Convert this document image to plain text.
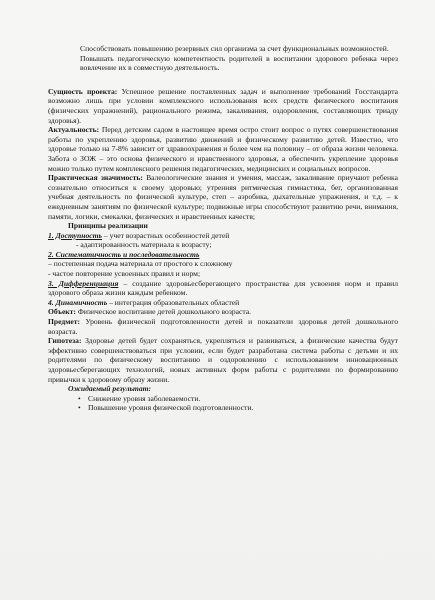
Способствовать повышению резервных сил организма за счет функциональных возможностей.

Повышать педагогическую компетентность родителей в воспитании здорового ребенка через вовлечение их в совместную деятельность.

Сущность проекта: Успешное решение поставленных задач и выполнение требований Госстандарта возможно лишь при условии комплексного использования всех средств физического воспитания (физических упражнений), рационального режима, закаливания, оздоровления, составляющих триаду здоровья).

Актуальность: Перед детским садом в настоящее время остро стоит вопрос о путях совершенствования работы по укреплению здоровья, развитию движений и физическому развитию детей. Известно, что здоровье только на 7-8% зависит от здравоохранения и более чем на половину – от образа жизни человека. Забота о ЗОЖ – это основа физического и нравственного здоровья, а обеспечить укрепление здоровья можно только путем комплексного решения педагогических, медицинских и социальных вопросов.

Практическая значимость: Валеологические знания и умения, массаж, закаливание приучают ребенка сознательно относиться к своему здоровью; утренняя ритмическая гимнастика, бег, организованная учебная деятельность по физической культуре, степ – аэробика, дыхательные упражнения, и т.д. – к ежедневным занятиям по физической культуре; подвижные игры способствуют развитию речи, внимания, памяти, логики, смекалки, физических и нравственных качеств;

Принципы реализации

1. Доступность – учет возрастных особенностей детей

- адаптированность материала к возрасту;

2. Систематичность и последовательность

– постепенная подача материала от простого к сложному

- частое повторение усвоенных правил и норм;

3. Дифференциация – создание здоровьесберегающего пространства для усвоения норм и правил здорового образа жизни каждым ребенком.

4. Динамичность – интеграция образовательных областей

Объект: Физическое воспитание детей дошкольного возраста.

Предмет: Уровень физической подготовленности детей и показатели здоровья детей дошкольного возраста.

Гипотеза: Здоровье детей будет сохраняться, укрепляться и развиваться, а физические качества будут эффективно совершенствоваться при условии, если будет разработана система работы с детьми и их родителями по физическому воспитанию и оздоровлению с использованием инновационных здоровьесберегающих технологий, новых активных форм работы с родителями по формированию привычки к здоровому образу жизни.

Ожидаемый результат:

• Снижение уровня заболеваемости.
• Повышение уровня физической подготовленности.
